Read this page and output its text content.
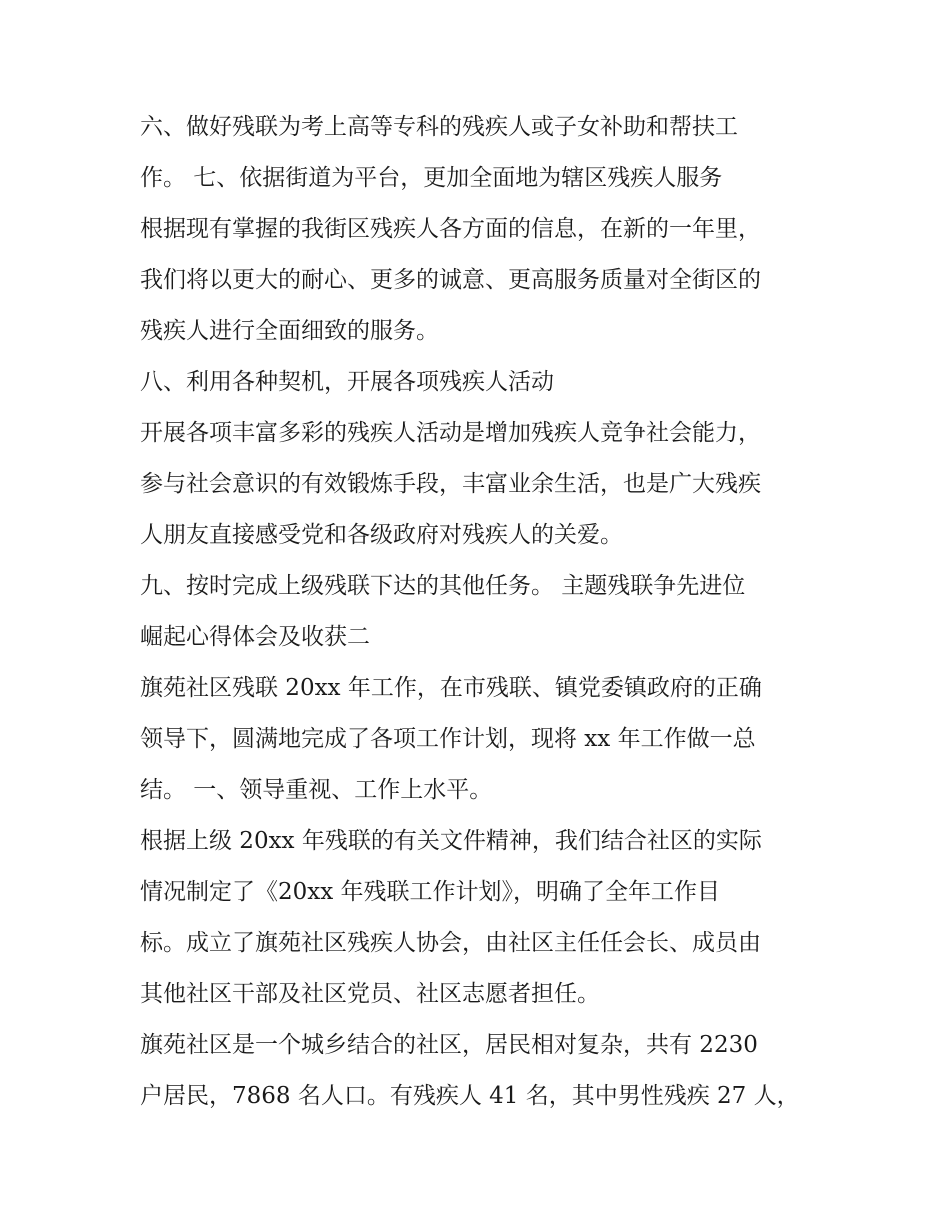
六、做好残联为考上高等专科的残疾人或子女补助和帮扶工
作。 七、依据街道为平台，更加全面地为辖区残疾人服务
根据现有掌握的我街区残疾人各方面的信息，在新的一年里，
我们将以更大的耐心、更多的诚意、更高服务质量对全街区的
残疾人进行全面细致的服务。
八、利用各种契机，开展各项残疾人活动
开展各项丰富多彩的残疾人活动是增加残疾人竞争社会能力，
参与社会意识的有效锻炼手段，丰富业余生活，也是广大残疾
人朋友直接感受党和各级政府对残疾人的关爱。
九、按时完成上级残联下达的其他任务。 主题残联争先进位
崛起心得体会及收获二
旗苑社区残联 20xx 年工作，在市残联、镇党委镇政府的正确
领导下，圆满地完成了各项工作计划，现将 xx 年工作做一总
结。 一、领导重视、工作上水平。
根据上级 20xx 年残联的有关文件精神，我们结合社区的实际
情况制定了《20xx 年残联工作计划》，明确了全年工作目
标。成立了旗苑社区残疾人协会，由社区主任任会长、成员由
其他社区干部及社区党员、社区志愿者担任。
旗苑社区是一个城乡结合的社区，居民相对复杂，共有 2230
户居民，7868 名人口。有残疾人 41 名，其中男性残疾 27 人，
